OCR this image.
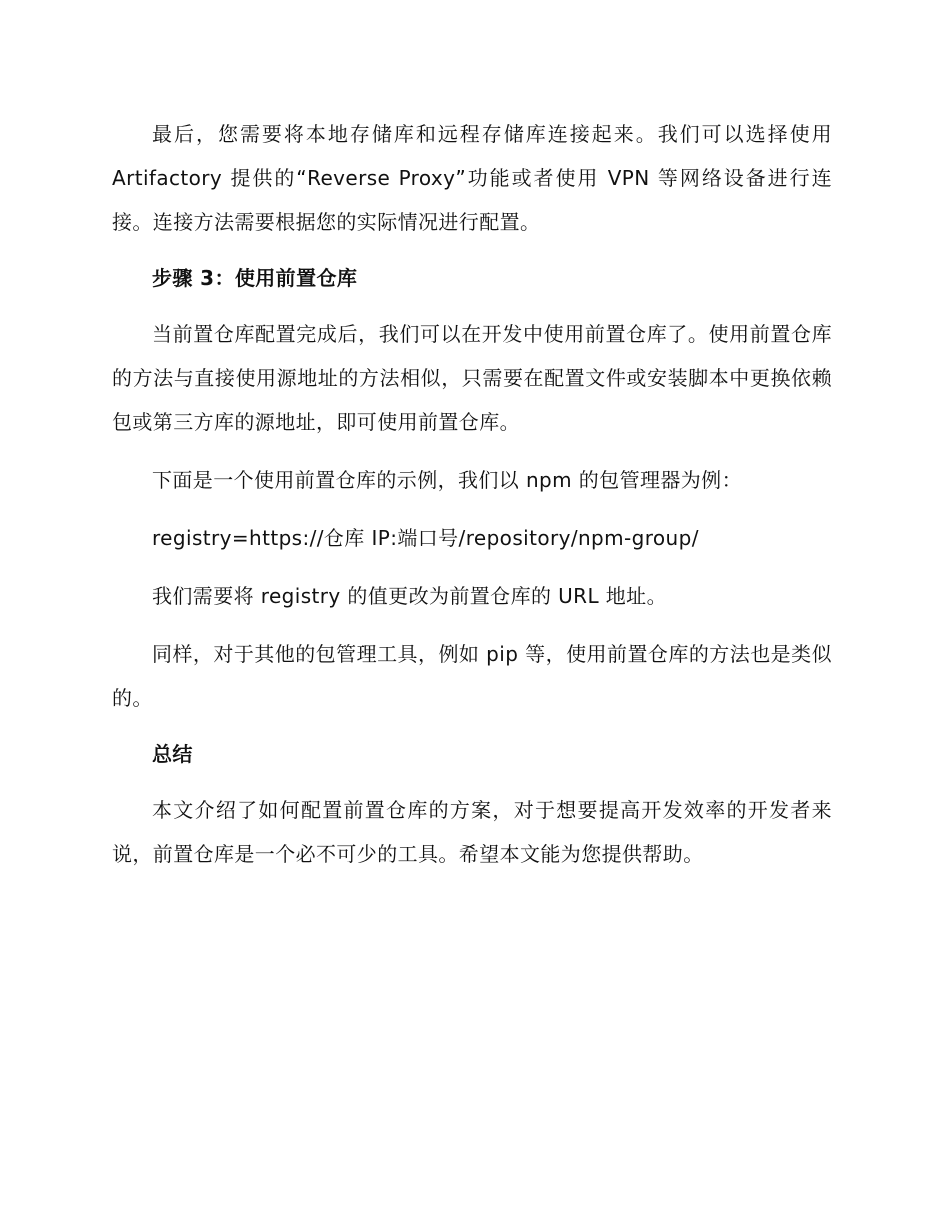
最后，您需要将本地存储库和远程存储库连接起来。我们可以选择使用 Artifactory 提供的“Reverse Proxy”功能或者使用 VPN 等网络设备进行连接。连接方法需要根据您的实际情况进行配置。

步骤 3：使用前置仓库

当前置仓库配置完成后，我们可以在开发中使用前置仓库了。使用前置仓库的方法与直接使用源地址的方法相似，只需要在配置文件或安装脚本中更换依赖包或第三方库的源地址，即可使用前置仓库。

下面是一个使用前置仓库的示例，我们以 npm 的包管理器为例：

registry=https://仓库 IP:端口号/repository/npm-group/

我们需要将 registry 的值更改为前置仓库的 URL 地址。

同样，对于其他的包管理工具，例如 pip 等，使用前置仓库的方法也是类似的。

总结

本文介绍了如何配置前置仓库的方案，对于想要提高开发效率的开发者来说，前置仓库是一个必不可少的工具。希望本文能为您提供帮助。
